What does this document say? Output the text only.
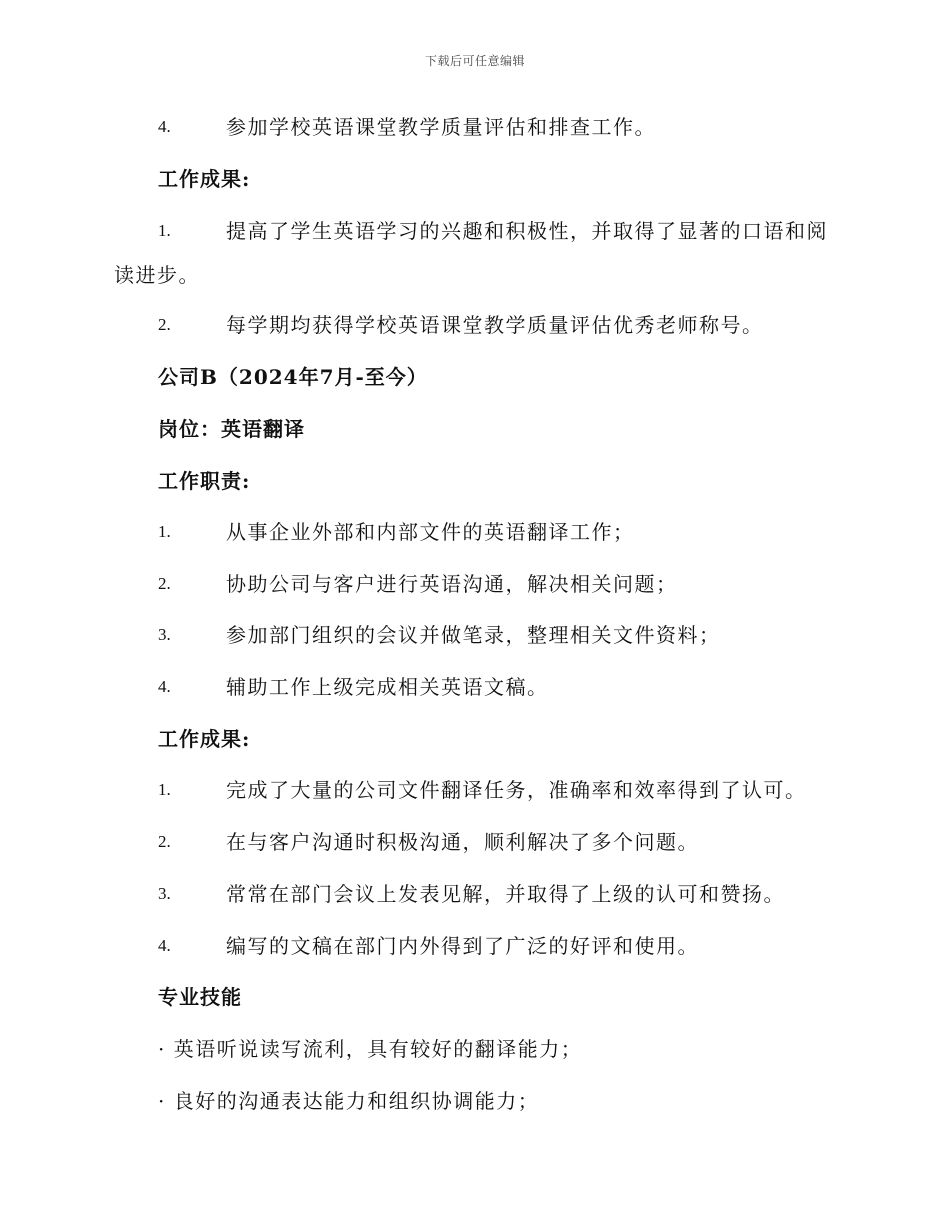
下载后可任意编辑
4.	参加学校英语课堂教学质量评估和排查工作。
工作成果:
1.	提高了学生英语学习的兴趣和积极性，并取得了显著的口语和阅
读进步。
2.	每学期均获得学校英语课堂教学质量评估优秀老师称号。
公司B（2024年7月-至今）
岗位：英语翻译
工作职责:
1.	从事企业外部和内部文件的英语翻译工作；
2.	协助公司与客户进行英语沟通，解决相关问题；
3.	参加部门组织的会议并做笔录，整理相关文件资料；
4.	辅助工作上级完成相关英语文稿。
工作成果:
1.	完成了大量的公司文件翻译任务，准确率和效率得到了认可。
2.	在与客户沟通时积极沟通，顺利解决了多个问题。
3.	常常在部门会议上发表见解，并取得了上级的认可和赞扬。
4.	编写的文稿在部门内外得到了广泛的好评和使用。
专业技能
· 英语听说读写流利，具有较好的翻译能力；
· 良好的沟通表达能力和组织协调能力；
